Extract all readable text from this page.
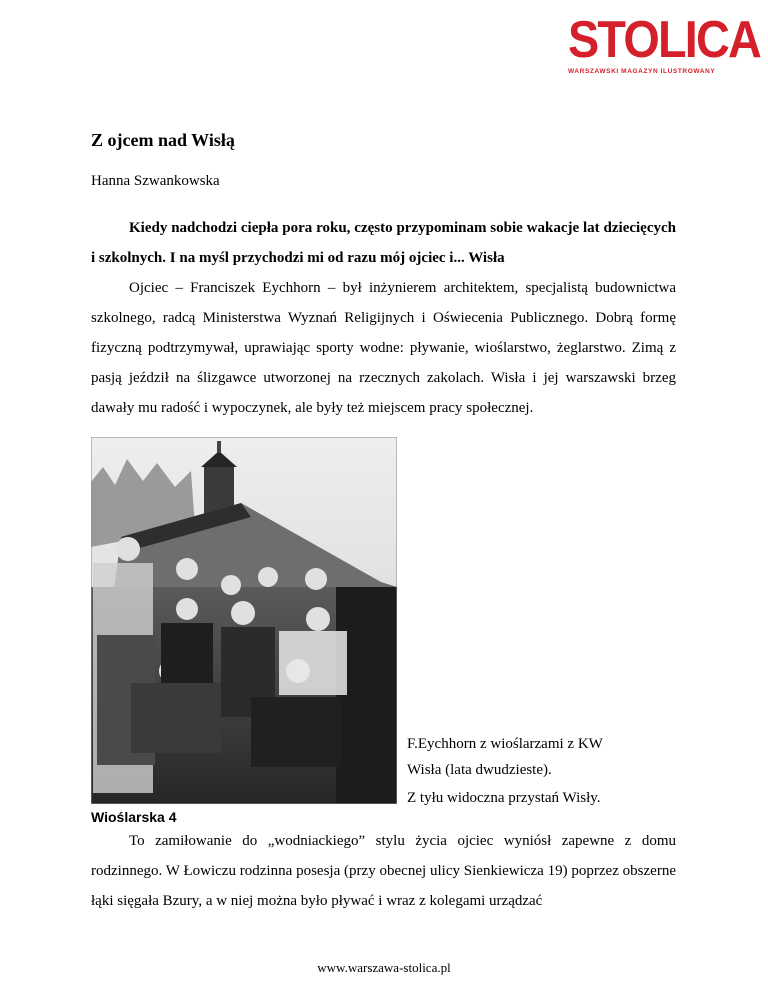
STOLICA
WARSZAWSKI MAGAZYN ILUSTROWANY
Z ojcem nad Wisłą
Hanna Szwankowska
Kiedy nadchodzi ciepła pora roku, często przypominam sobie wakacje lat dziecięcych i szkolnych. I na myśl przychodzi mi od razu mój ojciec i... Wisła
Ojciec – Franciszek Eychhorn – był inżynierem architektem, specjalistą budownictwa szkolnego, radcą Ministerstwa Wyznań Religijnych i Oświecenia Publicznego. Dobrą formę fizyczną podtrzymywał, uprawiając sporty wodne: pływanie, wioślarstwo, żeglarstwo. Zimą z pasją jeździł na ślizgawce utworzonej na rzecznych zakolach. Wisła i jej warszawski brzeg dawały mu radość i wypoczynek, ale były też miejscem pracy społecznej.
F.Eychhorn z wioślarzami z KW
Wisła (lata dwudzieste).
Z tyłu widoczna przystań Wisły.
Wioślarska 4
To zamiłowanie do „wodniackiego” stylu życia ojciec wyniósł zapewne z domu rodzinnego. W Łowiczu rodzinna posesja (przy obecnej ulicy Sienkiewicza 19) poprzez obszerne łąki sięgała Bzury, a w niej można było pływać i wraz z kolegami urządzać
www.warszawa-stolica.pl
